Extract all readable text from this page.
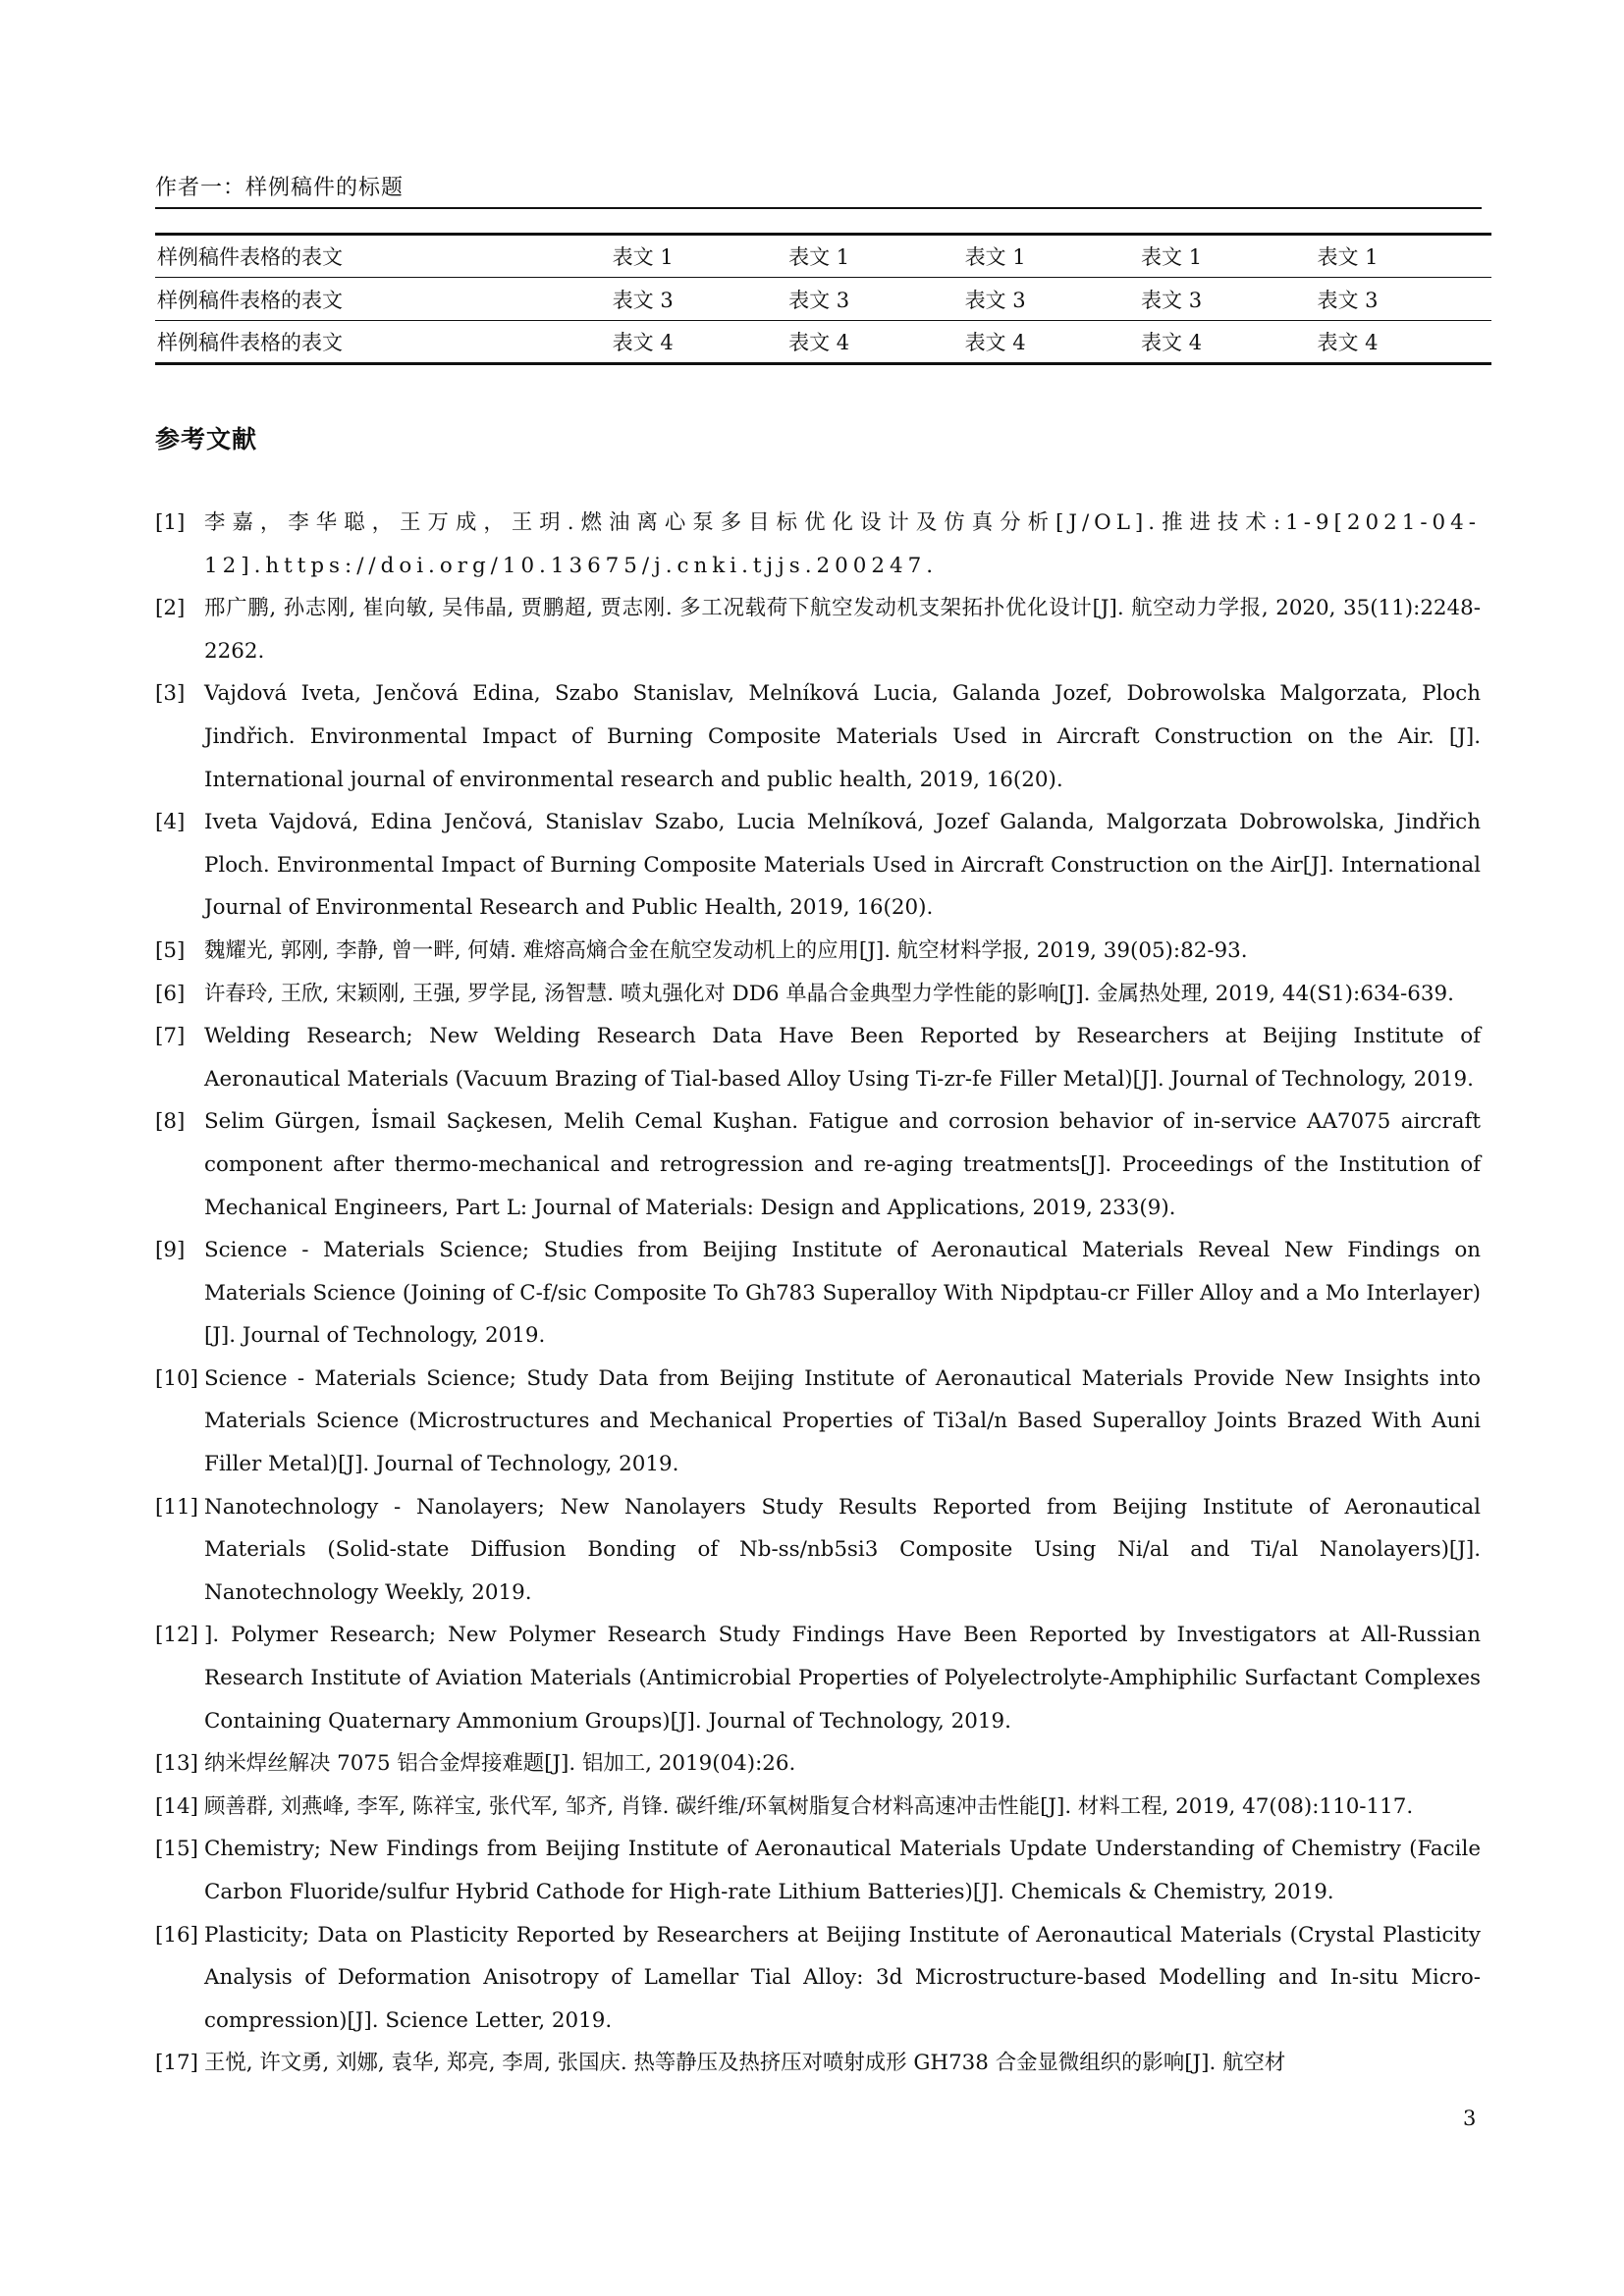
作者一：样例稿件的标题
样例稿件表格的表文	表文 1	表文 1	表文 1	表文 1	表文 1
样例稿件表格的表文	表文 3	表文 3	表文 3	表文 3	表文 3
样例稿件表格的表文	表文 4	表文 4	表文 4	表文 4	表文 4
参考文献
[1] 李嘉，李华聪，王万成，王玥.燃油离心泵多目标优化设计及仿真分析[J/OL].推进技术:1-9[2021-04-12].https://doi.org/10.13675/j.cnki.tjjs.200247.
[2] 邢广鹏, 孙志刚, 崔向敏, 吴伟晶, 贾鹏超, 贾志刚. 多工况载荷下航空发动机支架拓扑优化设计[J]. 航空动力学报, 2020, 35(11):2248-2262.
[3] Vajdová Iveta, Jenčová Edina, Szabo Stanislav, Melníková Lucia, Galanda Jozef, Dobrowolska Malgorzata, Ploch Jindřich. Environmental Impact of Burning Composite Materials Used in Aircraft Construction on the Air. [J]. International journal of environmental research and public health, 2019, 16(20).
[4] Iveta Vajdová, Edina Jenčová, Stanislav Szabo, Lucia Melníková, Jozef Galanda, Malgorzata Dobrowolska, Jindřich Ploch. Environmental Impact of Burning Composite Materials Used in Aircraft Construction on the Air[J]. International Journal of Environmental Research and Public Health, 2019, 16(20).
[5] 魏耀光, 郭刚, 李静, 曾一畔, 何婧. 难熔高熵合金在航空发动机上的应用[J]. 航空材料学报, 2019, 39(05):82-93.
[6] 许春玲, 王欣, 宋颖刚, 王强, 罗学昆, 汤智慧. 喷丸强化对 DD6 单晶合金典型力学性能的影响[J]. 金属热处理, 2019, 44(S1):634-639.
[7] Welding Research; New Welding Research Data Have Been Reported by Researchers at Beijing Institute of Aeronautical Materials (Vacuum Brazing of Tial-based Alloy Using Ti-zr-fe Filler Metal)[J]. Journal of Technology, 2019.
[8] Selim Gürgen, İsmail Saçkesen, Melih Cemal Kuşhan. Fatigue and corrosion behavior of in-service AA7075 aircraft component after thermo-mechanical and retrogression and re-aging treatments[J]. Proceedings of the Institution of Mechanical Engineers, Part L: Journal of Materials: Design and Applications, 2019, 233(9).
[9] Science - Materials Science; Studies from Beijing Institute of Aeronautical Materials Reveal New Findings on Materials Science (Joining of C-f/sic Composite To Gh783 Superalloy With Nipdptau-cr Filler Alloy and a Mo Interlayer)[J]. Journal of Technology, 2019.
[10] Science - Materials Science; Study Data from Beijing Institute of Aeronautical Materials Provide New Insights into Materials Science (Microstructures and Mechanical Properties of Ti3al/n Based Superalloy Joints Brazed With Auni Filler Metal)[J]. Journal of Technology, 2019.
[11] Nanotechnology - Nanolayers; New Nanolayers Study Results Reported from Beijing Institute of Aeronautical Materials (Solid-state Diffusion Bonding of Nb-ss/nb5si3 Composite Using Ni/al and Ti/al Nanolayers)[J]. Nanotechnology Weekly, 2019.
[12] ]. Polymer Research; New Polymer Research Study Findings Have Been Reported by Investigators at All-Russian Research Institute of Aviation Materials (Antimicrobial Properties of Polyelectrolyte-Amphiphilic Surfactant Complexes Containing Quaternary Ammonium Groups)[J]. Journal of Technology, 2019.
[13] 纳米焊丝解决 7075 铝合金焊接难题[J]. 铝加工, 2019(04):26.
[14] 顾善群, 刘燕峰, 李军, 陈祥宝, 张代军, 邹齐, 肖锋. 碳纤维/环氧树脂复合材料高速冲击性能[J]. 材料工程, 2019, 47(08):110-117.
[15] Chemistry; New Findings from Beijing Institute of Aeronautical Materials Update Understanding of Chemistry (Facile Carbon Fluoride/sulfur Hybrid Cathode for High-rate Lithium Batteries)[J]. Chemicals & Chemistry, 2019.
[16] Plasticity; Data on Plasticity Reported by Researchers at Beijing Institute of Aeronautical Materials (Crystal Plasticity Analysis of Deformation Anisotropy of Lamellar Tial Alloy: 3d Microstructure-based Modelling and In-situ Micro-compression)[J]. Science Letter, 2019.
[17] 王悦, 许文勇, 刘娜, 袁华, 郑亮, 李周, 张国庆. 热等静压及热挤压对喷射成形 GH738 合金显微组织的影响[J]. 航空材
3
